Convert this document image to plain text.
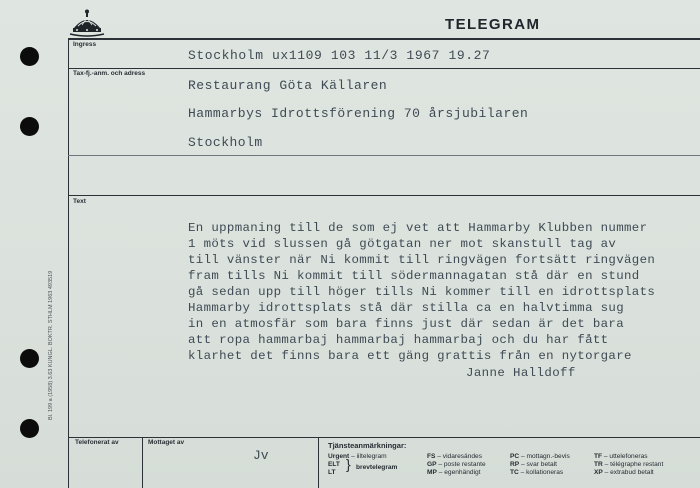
TELEGRAM
Ingress
Tax-fj.-anm. och adress
Text
Telefonerat av	Mottaget av
Stockholm ux1109 103 11/3 1967 19.27
Restaurang Göta Källaren
Hammarbys Idrottsförening 70 årsjubilaren
Stockholm
En uppmaning till de som ej vet att Hammarby Klubben nummer
1 möts vid slussen gå götgatan ner mot skanstull tag av
till vänster när Ni kommit till ringvägen fortsätt ringvägen
fram tills Ni kommit till södermannagatan stå där en stund
gå sedan upp till höger tills Ni kommer till en idrottsplats
Hammarby idrottsplats stå där stilla ca en halvtimma sug
in en atmosfär som bara finns just där sedan är det bara
att ropa hammarbaj hammarbaj hammarbaj och du har fått
klarhet det finns bara ett gäng grattis från en nytorgare
Janne Halldoff
Jv
Bl. 199 a (1958) 3.63 KUNGL. BOKTR. STHLM 1963 493519
Tjänsteanmärkningar:
Urgent – iiltelegram
ELT
LT
} brevtelegram
FS – vidaresändes
GP – poste restante
MP – egenhändigt
PC – mottagn.-bevis
RP – svar betalt
TC – kollationeras
TF – uttelefoneras
TR – télégraphe restant
XP – extrabud betalt
